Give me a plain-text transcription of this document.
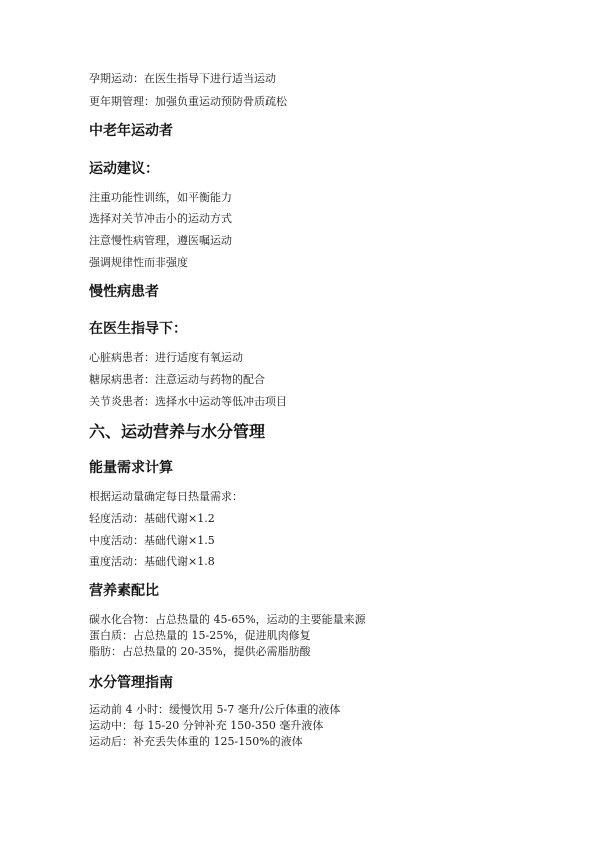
孕期运动：在医生指导下进行适当运动
更年期管理：加强负重运动预防骨质疏松
中老年运动者
运动建议：
注重功能性训练，如平衡能力
选择对关节冲击小的运动方式
注意慢性病管理，遵医嘱运动
强调规律性而非强度
慢性病患者
在医生指导下：
心脏病患者：进行适度有氧运动
糖尿病患者：注意运动与药物的配合
关节炎患者：选择水中运动等低冲击项目
六、运动营养与水分管理
能量需求计算
根据运动量确定每日热量需求：
轻度活动：基础代谢×1.2
中度活动：基础代谢×1.5
重度活动：基础代谢×1.8
营养素配比
碳水化合物：占总热量的 45-65%，运动的主要能量来源
蛋白质：占总热量的 15-25%，促进肌肉修复
脂肪：占总热量的 20-35%，提供必需脂肪酸
水分管理指南
运动前 4 小时：缓慢饮用 5-7 毫升/公斤体重的液体
运动中：每 15-20 分钟补充 150-350 毫升液体
运动后：补充丢失体重的 125-150%的液体
